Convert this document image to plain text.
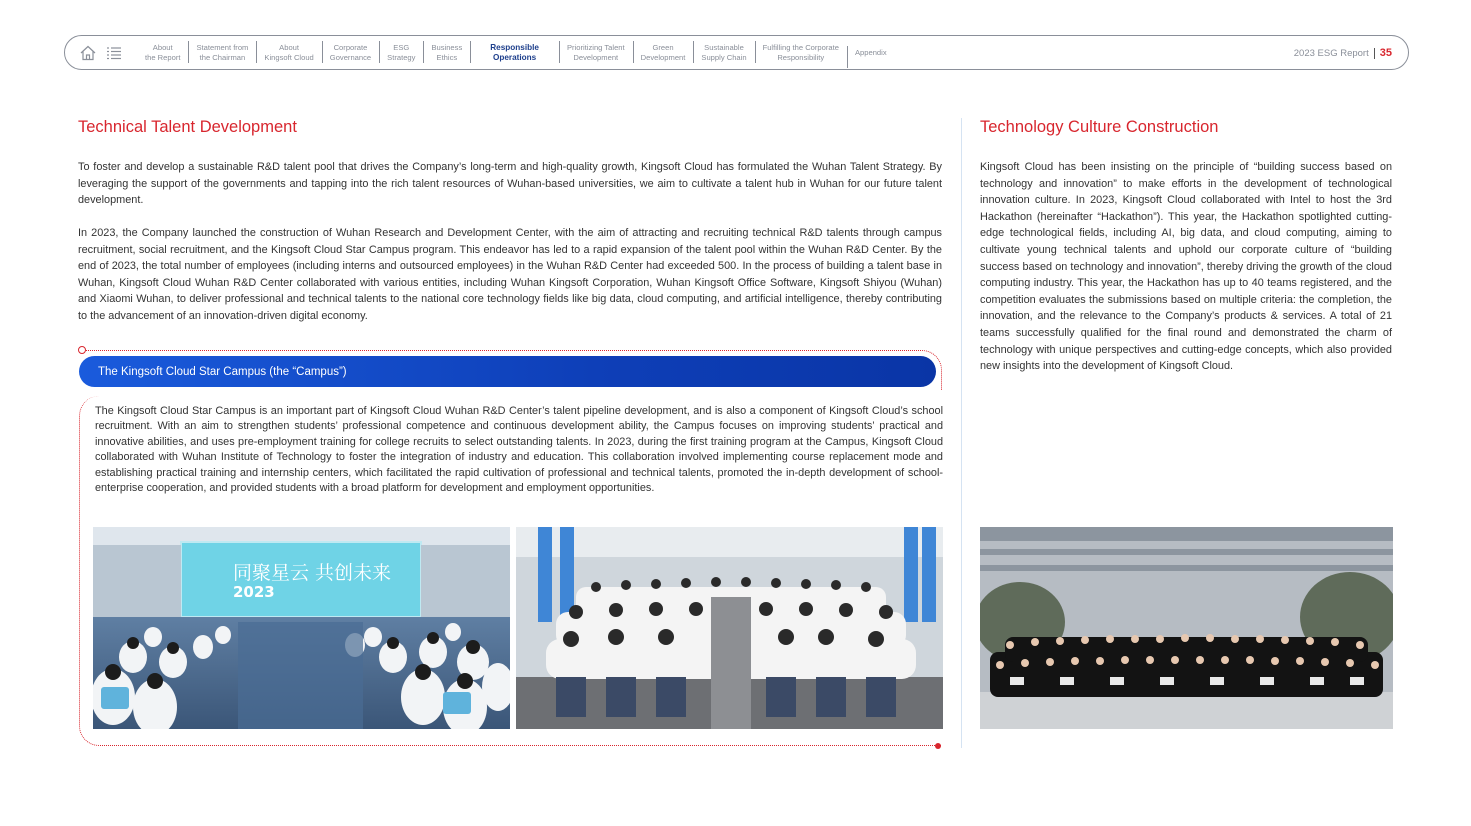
About
the Report
Statement from
the Chairman
About
Kingsoft Cloud
Corporate
Governance
ESG
Strategy
Business
Ethics
Responsible
Operations
Prioritizing Talent
Development
Green
Development
Sustainable
Supply Chain
Fulfilling the Corporate
Responsibility
Appendix	2023 ESG Report 35
Technical Talent Development

To foster and develop a sustainable R&D talent pool that drives the Company’s long-term and high-quality growth, Kingsoft Cloud has formulated the Wuhan Talent Strategy. By leveraging the support of the governments and tapping into the rich talent resources of Wuhan-based universities, we aim to cultivate a talent hub in Wuhan for our future talent development.

In 2023, the Company launched the construction of Wuhan Research and Development Center, with the aim of attracting and recruiting technical R&D talents through campus recruitment, social recruitment, and the Kingsoft Cloud Star Campus program. This endeavor has led to a rapid expansion of the talent pool within the Wuhan R&D Center. By the end of 2023, the total number of employees (including interns and outsourced employees) in the Wuhan R&D Center had exceeded 500. In the process of building a talent base in Wuhan, Kingsoft Cloud Wuhan R&D Center collaborated with various entities, including Wuhan Kingsoft Corporation, Wuhan Kingsoft Office Software, Kingsoft Shiyou (Wuhan) and Xiaomi Wuhan, to deliver professional and technical talents to the national core technology fields like big data, cloud computing, and artificial intelligence, thereby contributing to the advancement of an innovation-driven digital economy.

The Kingsoft Cloud Star Campus (the “Campus”)

The Kingsoft Cloud Star Campus is an important part of Kingsoft Cloud Wuhan R&D Center’s talent pipeline development, and is also a component of Kingsoft Cloud’s school recruitment. With an aim to strengthen students’ professional competence and continuous development ability, the Campus focuses on improving students’ practical and innovative abilities, and uses pre-employment training for college recruits to select outstanding talents. In 2023, during the first training program at the Campus, Kingsoft Cloud collaborated with Wuhan Institute of Technology to foster the integration of industry and education. This collaboration involved implementing course replacement mode and establishing practical training and internship centers, which facilitated the rapid cultivation of professional and technical talents, promoted the in-depth development of school-enterprise cooperation, and provided students with a broad platform for development and employment opportunities.

同聚星云 共创未来
2023
Technology Culture Construction

Kingsoft Cloud has been insisting on the principle of “building success based on technology and innovation” to make efforts in the development of technological innovation culture. In 2023, Kingsoft Cloud collaborated with Intel to host the 3rd Hackathon (hereinafter “Hackathon”). This year, the Hackathon spotlighted cutting-edge technological fields, including AI, big data, and cloud computing, aiming to cultivate young technical talents and uphold our corporate culture of “building success based on technology and innovation”, thereby driving the growth of the cloud computing industry. This year, the Hackathon has up to 40 teams registered, and the competition evaluates the submissions based on multiple criteria: the completion, the innovation, and the relevance to the Company’s products & services. A total of 21 teams successfully qualified for the final round and demonstrated the charm of technology with unique perspectives and cutting-edge concepts, which also provided new insights into the development of Kingsoft Cloud.
